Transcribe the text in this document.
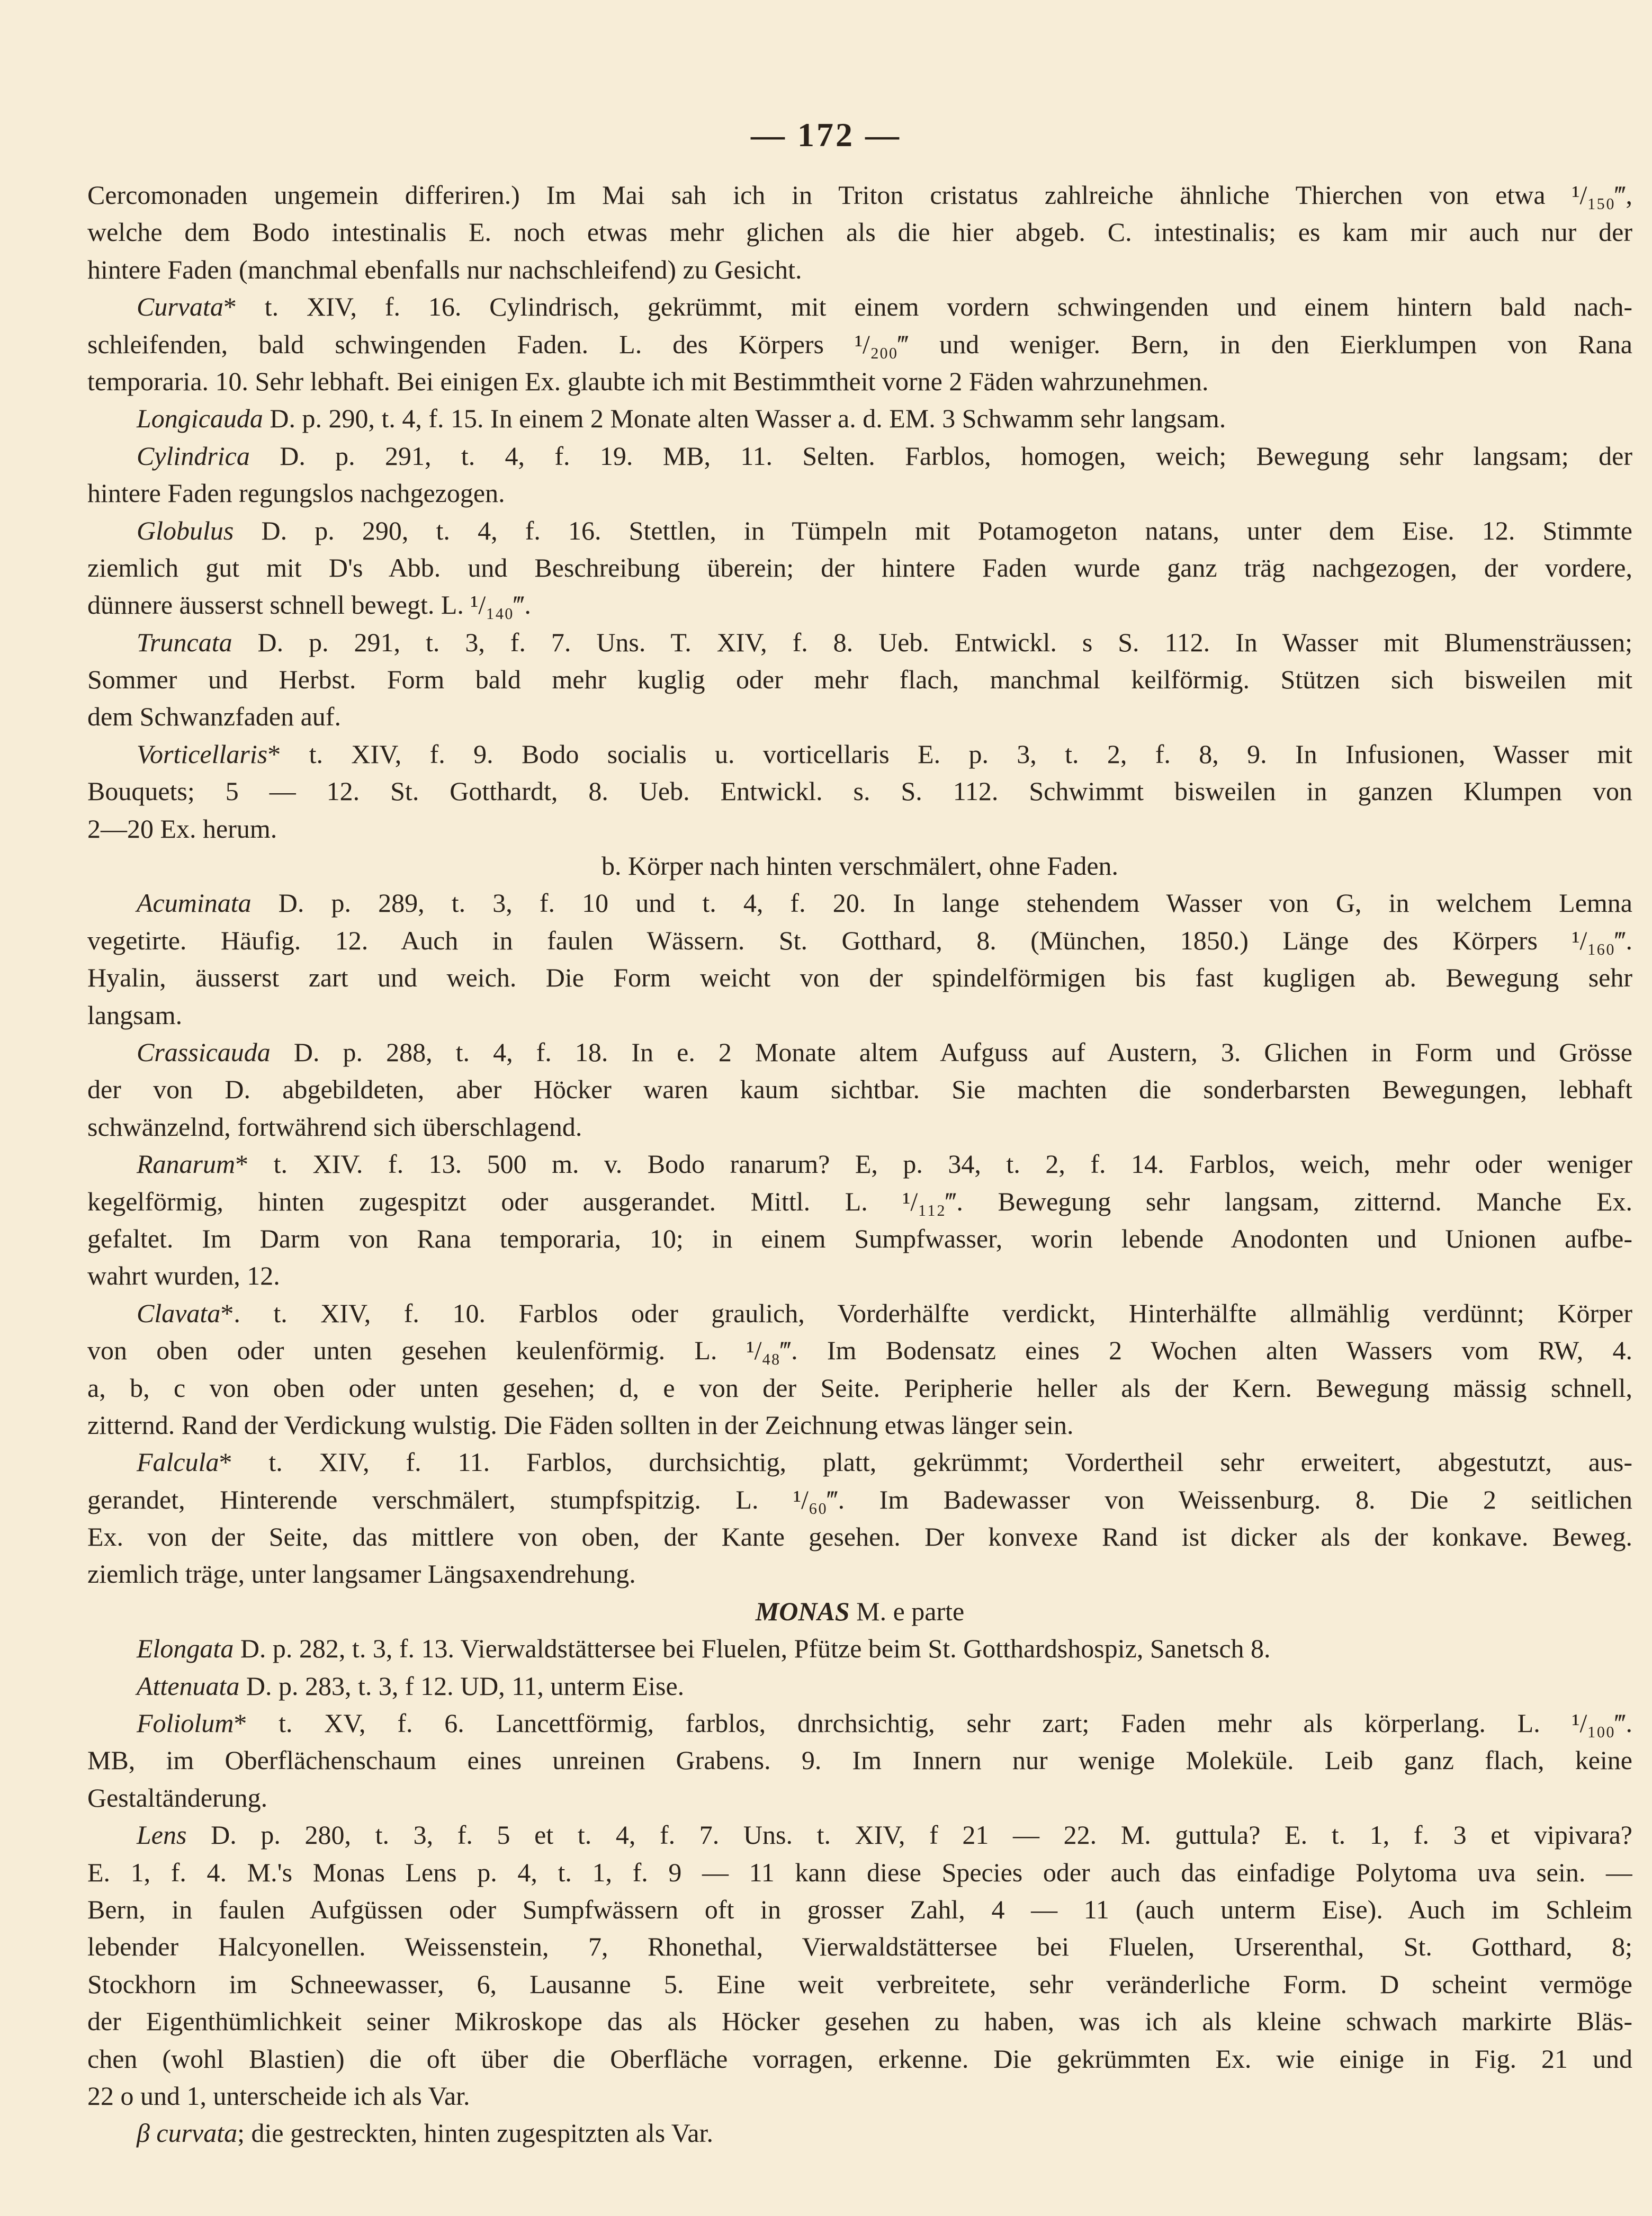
— 172 —
Cercomonaden ungemein differiren.) Im Mai sah ich in Triton cristatus zahlreiche ähnliche Thierchen von etwa ¹/₁₅₀‴,
welche dem Bodo intestinalis E. noch etwas mehr glichen als die hier abgeb. C. intestinalis; es kam mir auch nur der
hintere Faden (manchmal ebenfalls nur nachschleifend) zu Gesicht.
Curvata* t. XIV, f. 16. Cylindrisch, gekrümmt, mit einem vordern schwingenden und einem hintern bald nach-
schleifenden, bald schwingenden Faden. L. des Körpers ¹/₂₀₀‴ und weniger. Bern, in den Eierklumpen von Rana
temporaria. 10. Sehr lebhaft. Bei einigen Ex. glaubte ich mit Bestimmtheit vorne 2 Fäden wahrzunehmen.
Longicauda D. p. 290, t. 4, f. 15. In einem 2 Monate alten Wasser a. d. EM. 3 Schwamm sehr langsam.
Cylindrica D. p. 291, t. 4, f. 19. MB, 11. Selten. Farblos, homogen, weich; Bewegung sehr langsam; der
hintere Faden regungslos nachgezogen.
Globulus D. p. 290, t. 4, f. 16. Stettlen, in Tümpeln mit Potamogeton natans, unter dem Eise. 12. Stimmte
ziemlich gut mit D's Abb. und Beschreibung überein; der hintere Faden wurde ganz träg nachgezogen, der vordere,
dünnere äusserst schnell bewegt. L. ¹/₁₄₀‴.
Truncata D. p. 291, t. 3, f. 7. Uns. T. XIV, f. 8. Ueb. Entwickl. s S. 112. In Wasser mit Blumensträussen;
Sommer und Herbst. Form bald mehr kuglig oder mehr flach, manchmal keilförmig. Stützen sich bisweilen mit
dem Schwanzfaden auf.
Vorticellaris* t. XIV, f. 9. Bodo socialis u. vorticellaris E. p. 3, t. 2, f. 8, 9. In Infusionen, Wasser mit
Bouquets; 5 — 12. St. Gotthardt, 8. Ueb. Entwickl. s. S. 112. Schwimmt bisweilen in ganzen Klumpen von
2—20 Ex. herum.
b. Körper nach hinten verschmälert, ohne Faden.
Acuminata D. p. 289, t. 3, f. 10 und t. 4, f. 20. In lange stehendem Wasser von G, in welchem Lemna
vegetirte. Häufig. 12. Auch in faulen Wässern. St. Gotthard, 8. (München, 1850.) Länge des Körpers ¹/₁₆₀‴.
Hyalin, äusserst zart und weich. Die Form weicht von der spindelförmigen bis fast kugligen ab. Bewegung sehr
langsam.
Crassicauda D. p. 288, t. 4, f. 18. In e. 2 Monate altem Aufguss auf Austern, 3. Glichen in Form und Grösse
der von D. abgebildeten, aber Höcker waren kaum sichtbar. Sie machten die sonderbarsten Bewegungen, lebhaft
schwänzelnd, fortwährend sich überschlagend.
Ranarum* t. XIV. f. 13. 500 m. v. Bodo ranarum? E, p. 34, t. 2, f. 14. Farblos, weich, mehr oder weniger
kegelförmig, hinten zugespitzt oder ausgerandet. Mittl. L. ¹/₁₁₂‴. Bewegung sehr langsam, zitternd. Manche Ex.
gefaltet. Im Darm von Rana temporaria, 10; in einem Sumpfwasser, worin lebende Anodonten und Unionen aufbe-
wahrt wurden, 12.
Clavata*. t. XIV, f. 10. Farblos oder graulich, Vorderhälfte verdickt, Hinterhälfte allmählig verdünnt; Körper
von oben oder unten gesehen keulenförmig. L. ¹/₄₈‴. Im Bodensatz eines 2 Wochen alten Wassers vom RW, 4.
a, b, c von oben oder unten gesehen; d, e von der Seite. Peripherie heller als der Kern. Bewegung mässig schnell,
zitternd. Rand der Verdickung wulstig. Die Fäden sollten in der Zeichnung etwas länger sein.
Falcula* t. XIV, f. 11. Farblos, durchsichtig, platt, gekrümmt; Vordertheil sehr erweitert, abgestutzt, aus-
gerandet, Hinterende verschmälert, stumpfspitzig. L. ¹/₆₀‴. Im Badewasser von Weissenburg. 8. Die 2 seitlichen
Ex. von der Seite, das mittlere von oben, der Kante gesehen. Der konvexe Rand ist dicker als der konkave. Beweg.
ziemlich träge, unter langsamer Längsaxendrehung.
MONAS M. e parte
Elongata D. p. 282, t. 3, f. 13. Vierwaldstättersee bei Fluelen, Pfütze beim St. Gotthardshospiz, Sanetsch 8.
Attenuata D. p. 283, t. 3, f 12. UD, 11, unterm Eise.
Foliolum* t. XV, f. 6. Lancettförmig, farblos, dnrchsichtig, sehr zart; Faden mehr als körperlang. L. ¹/₁₀₀‴.
MB, im Oberflächenschaum eines unreinen Grabens. 9. Im Innern nur wenige Moleküle. Leib ganz flach, keine
Gestaltänderung.
Lens D. p. 280, t. 3, f. 5 et t. 4, f. 7. Uns. t. XIV, f 21 — 22. M. guttula? E. t. 1, f. 3 et vipivara?
E. 1, f. 4. M.'s Monas Lens p. 4, t. 1, f. 9 — 11 kann diese Species oder auch das einfadige Polytoma uva sein. —
Bern, in faulen Aufgüssen oder Sumpfwässern oft in grosser Zahl, 4 — 11 (auch unterm Eise). Auch im Schleim
lebender Halcyonellen. Weissenstein, 7, Rhonethal, Vierwaldstättersee bei Fluelen, Urserenthal, St. Gotthard, 8;
Stockhorn im Schneewasser, 6, Lausanne 5. Eine weit verbreitete, sehr veränderliche Form. D scheint vermöge
der Eigenthümlichkeit seiner Mikroskope das als Höcker gesehen zu haben, was ich als kleine schwach markirte Bläs-
chen (wohl Blastien) die oft über die Oberfläche vorragen, erkenne. Die gekrümmten Ex. wie einige in Fig. 21 und
22 o und 1, unterscheide ich als Var.
β curvata; die gestreckten, hinten zugespitzten als Var.
